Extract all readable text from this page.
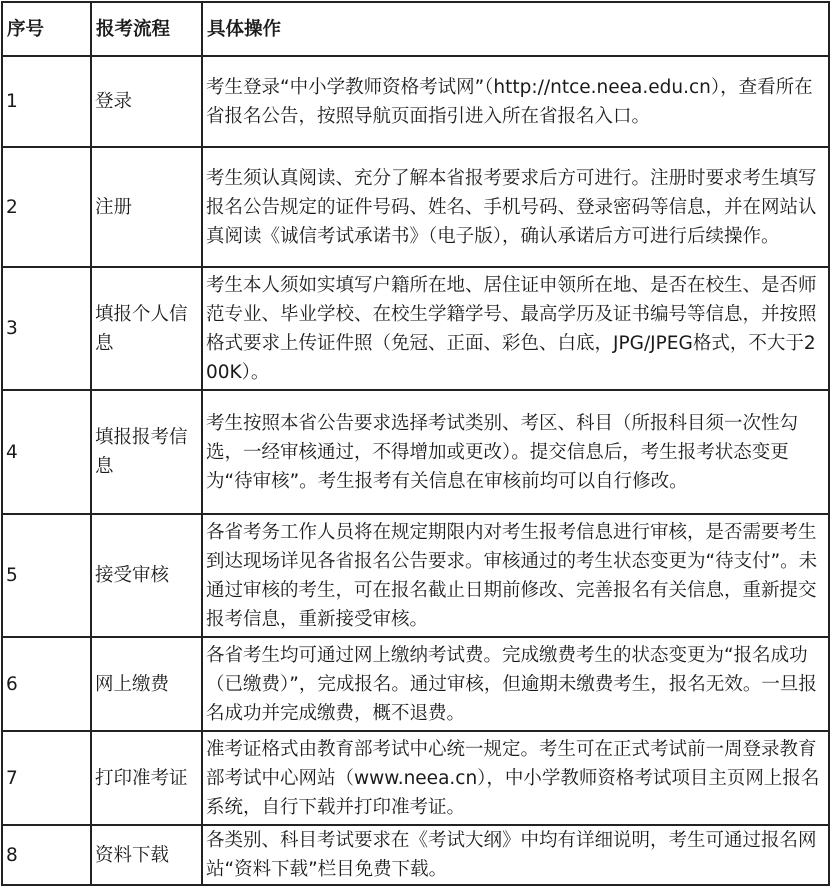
序号	报考流程	具体操作
1	登录	考生登录“中小学教师资格考试网”（http://ntce.neea.edu.cn），查看所在省报名公告，按照导航页面指引进入所在省报名入口。
2	注册	考生须认真阅读、充分了解本省报考要求后方可进行。注册时要求考生填写报名公告规定的证件号码、姓名、手机号码、登录密码等信息，并在网站认真阅读《诚信考试承诺书》（电子版），确认承诺后方可进行后续操作。
3	填报个人信息	考生本人须如实填写户籍所在地、居住证申领所在地、是否在校生、是否师范专业、毕业学校、在校生学籍学号、最高学历及证书编号等信息，并按照格式要求上传证件照（免冠、正面、彩色、白底，JPG/JPEG格式，不大于200K）。
4	填报报考信息	考生按照本省公告要求选择考试类别、考区、科目（所报科目须一次性勾选，一经审核通过，不得增加或更改）。提交信息后，考生报考状态变更为“待审核”。考生报考有关信息在审核前均可以自行修改。
5	接受审核	各省考务工作人员将在规定期限内对考生报考信息进行审核，是否需要考生到达现场详见各省报名公告要求。审核通过的考生状态变更为“待支付”。未通过审核的考生，可在报名截止日期前修改、完善报名有关信息，重新提交报考信息，重新接受审核。
6	网上缴费	各省考生均可通过网上缴纳考试费。完成缴费考生的状态变更为“报名成功（已缴费）”，完成报名。通过审核，但逾期未缴费考生，报名无效。一旦报名成功并完成缴费，概不退费。
7	打印准考证	准考证格式由教育部考试中心统一规定。考生可在正式考试前一周登录教育部考试中心网站（www.neea.cn），中小学教师资格考试项目主页网上报名系统，自行下载并打印准考证。
8	资料下载	各类别、科目考试要求在《考试大纲》中均有详细说明，考生可通过报名网站“资料下载”栏目免费下载。
